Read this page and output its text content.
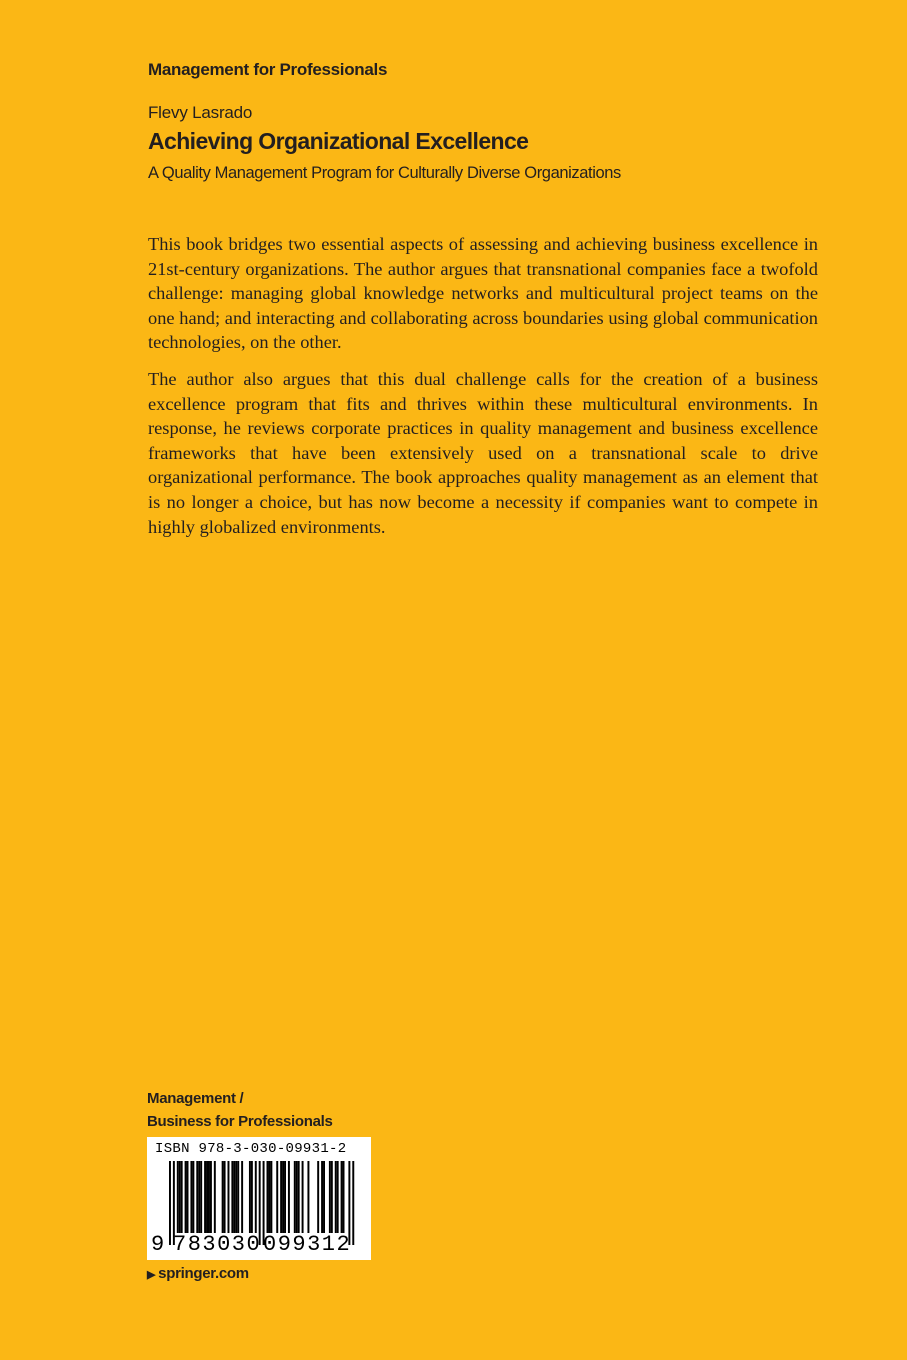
Management for Professionals
Flevy Lasrado
Achieving Organizational Excellence
A Quality Management Program for Culturally Diverse Organizations

This book bridges two essential aspects of assessing and achieving business excellence in 21st-century organizations. The author argues that transnational companies face a twofold challenge: managing global knowledge networks and multicultural project teams on the one hand; and interacting and collaborating across boundaries using global communication technologies, on the other.

The author also argues that this dual challenge calls for the creation of a business excellence program that fits and thrives within these multicultural environments. In response, he reviews corporate practices in quality management and business excellence frameworks that have been extensively used on a transnational scale to drive organizational performance. The book approaches quality management as an element that is no longer a choice, but has now become a necessity if companies want to compete in highly globalized environments.

Management /
Business for Professionals
ISBN 978-3-030-09931-2
9 783030 099312
▶ springer.com
